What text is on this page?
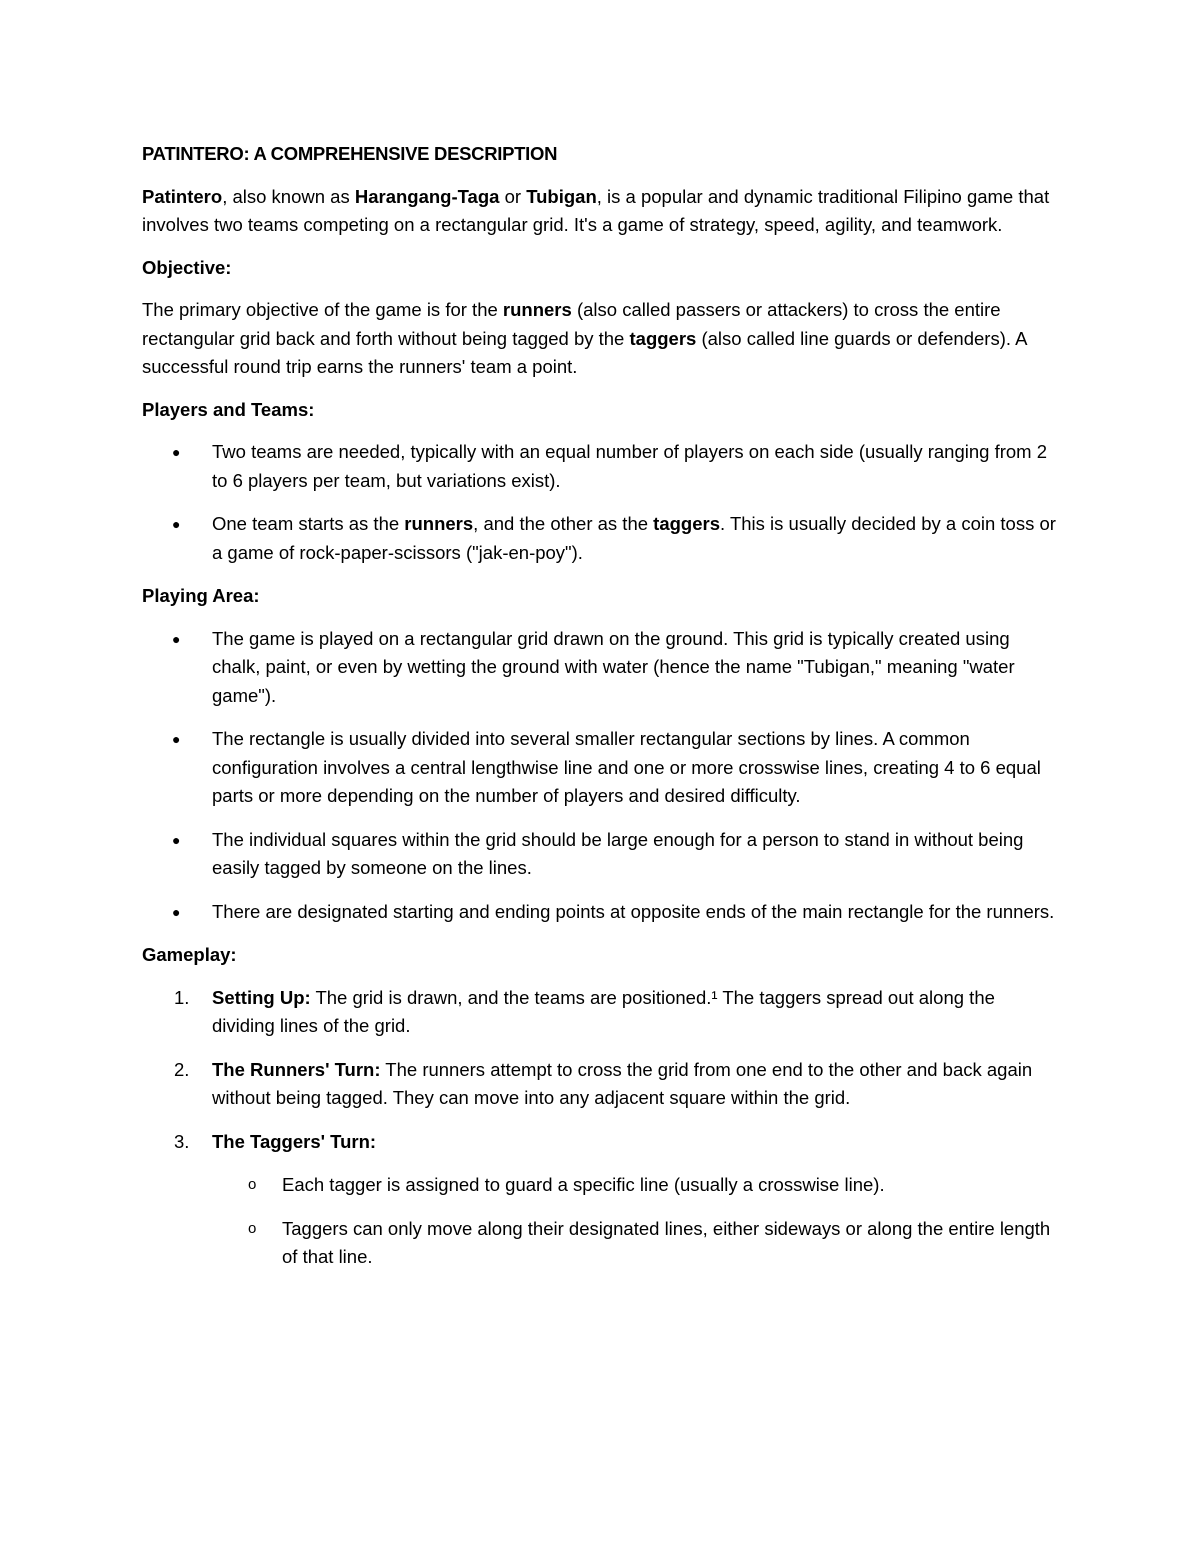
PATINTERO: A COMPREHENSIVE DESCRIPTION

Patintero, also known as Harangang-Taga or Tubigan, is a popular and dynamic traditional Filipino game that involves two teams competing on a rectangular grid. It's a game of strategy, speed, agility, and teamwork.

Objective:

The primary objective of the game is for the runners (also called passers or attackers) to cross the entire rectangular grid back and forth without being tagged by the taggers (also called line guards or defenders). A successful round trip earns the runners' team a point.

Players and Teams:
● Two teams are needed, typically with an equal number of players on each side (usually ranging from 2 to 6 players per team, but variations exist).
● One team starts as the runners, and the other as the taggers. This is usually decided by a coin toss or a game of rock-paper-scissors ("jak-en-poy").
Playing Area:
● The game is played on a rectangular grid drawn on the ground. This grid is typically created using chalk, paint, or even by wetting the ground with water (hence the name "Tubigan," meaning "water game").
● The rectangle is usually divided into several smaller rectangular sections by lines. A common configuration involves a central lengthwise line and one or more crosswise lines, creating 4 to 6 equal parts or more depending on the number of players and desired difficulty.
● The individual squares within the grid should be large enough for a person to stand in without being easily tagged by someone on the lines.
● There are designated starting and ending points at opposite ends of the main rectangle for the runners.
Gameplay:
1. Setting Up: The grid is drawn, and the teams are positioned.¹ The taggers spread out along the dividing lines of the grid.
2. The Runners' Turn: The runners attempt to cross the grid from one end to the other and back again without being tagged. They can move into any adjacent square within the grid.
3. The Taggers' Turn:
o Each tagger is assigned to guard a specific line (usually a crosswise line).
o Taggers can only move along their designated lines, either sideways or along the entire length of that line.
